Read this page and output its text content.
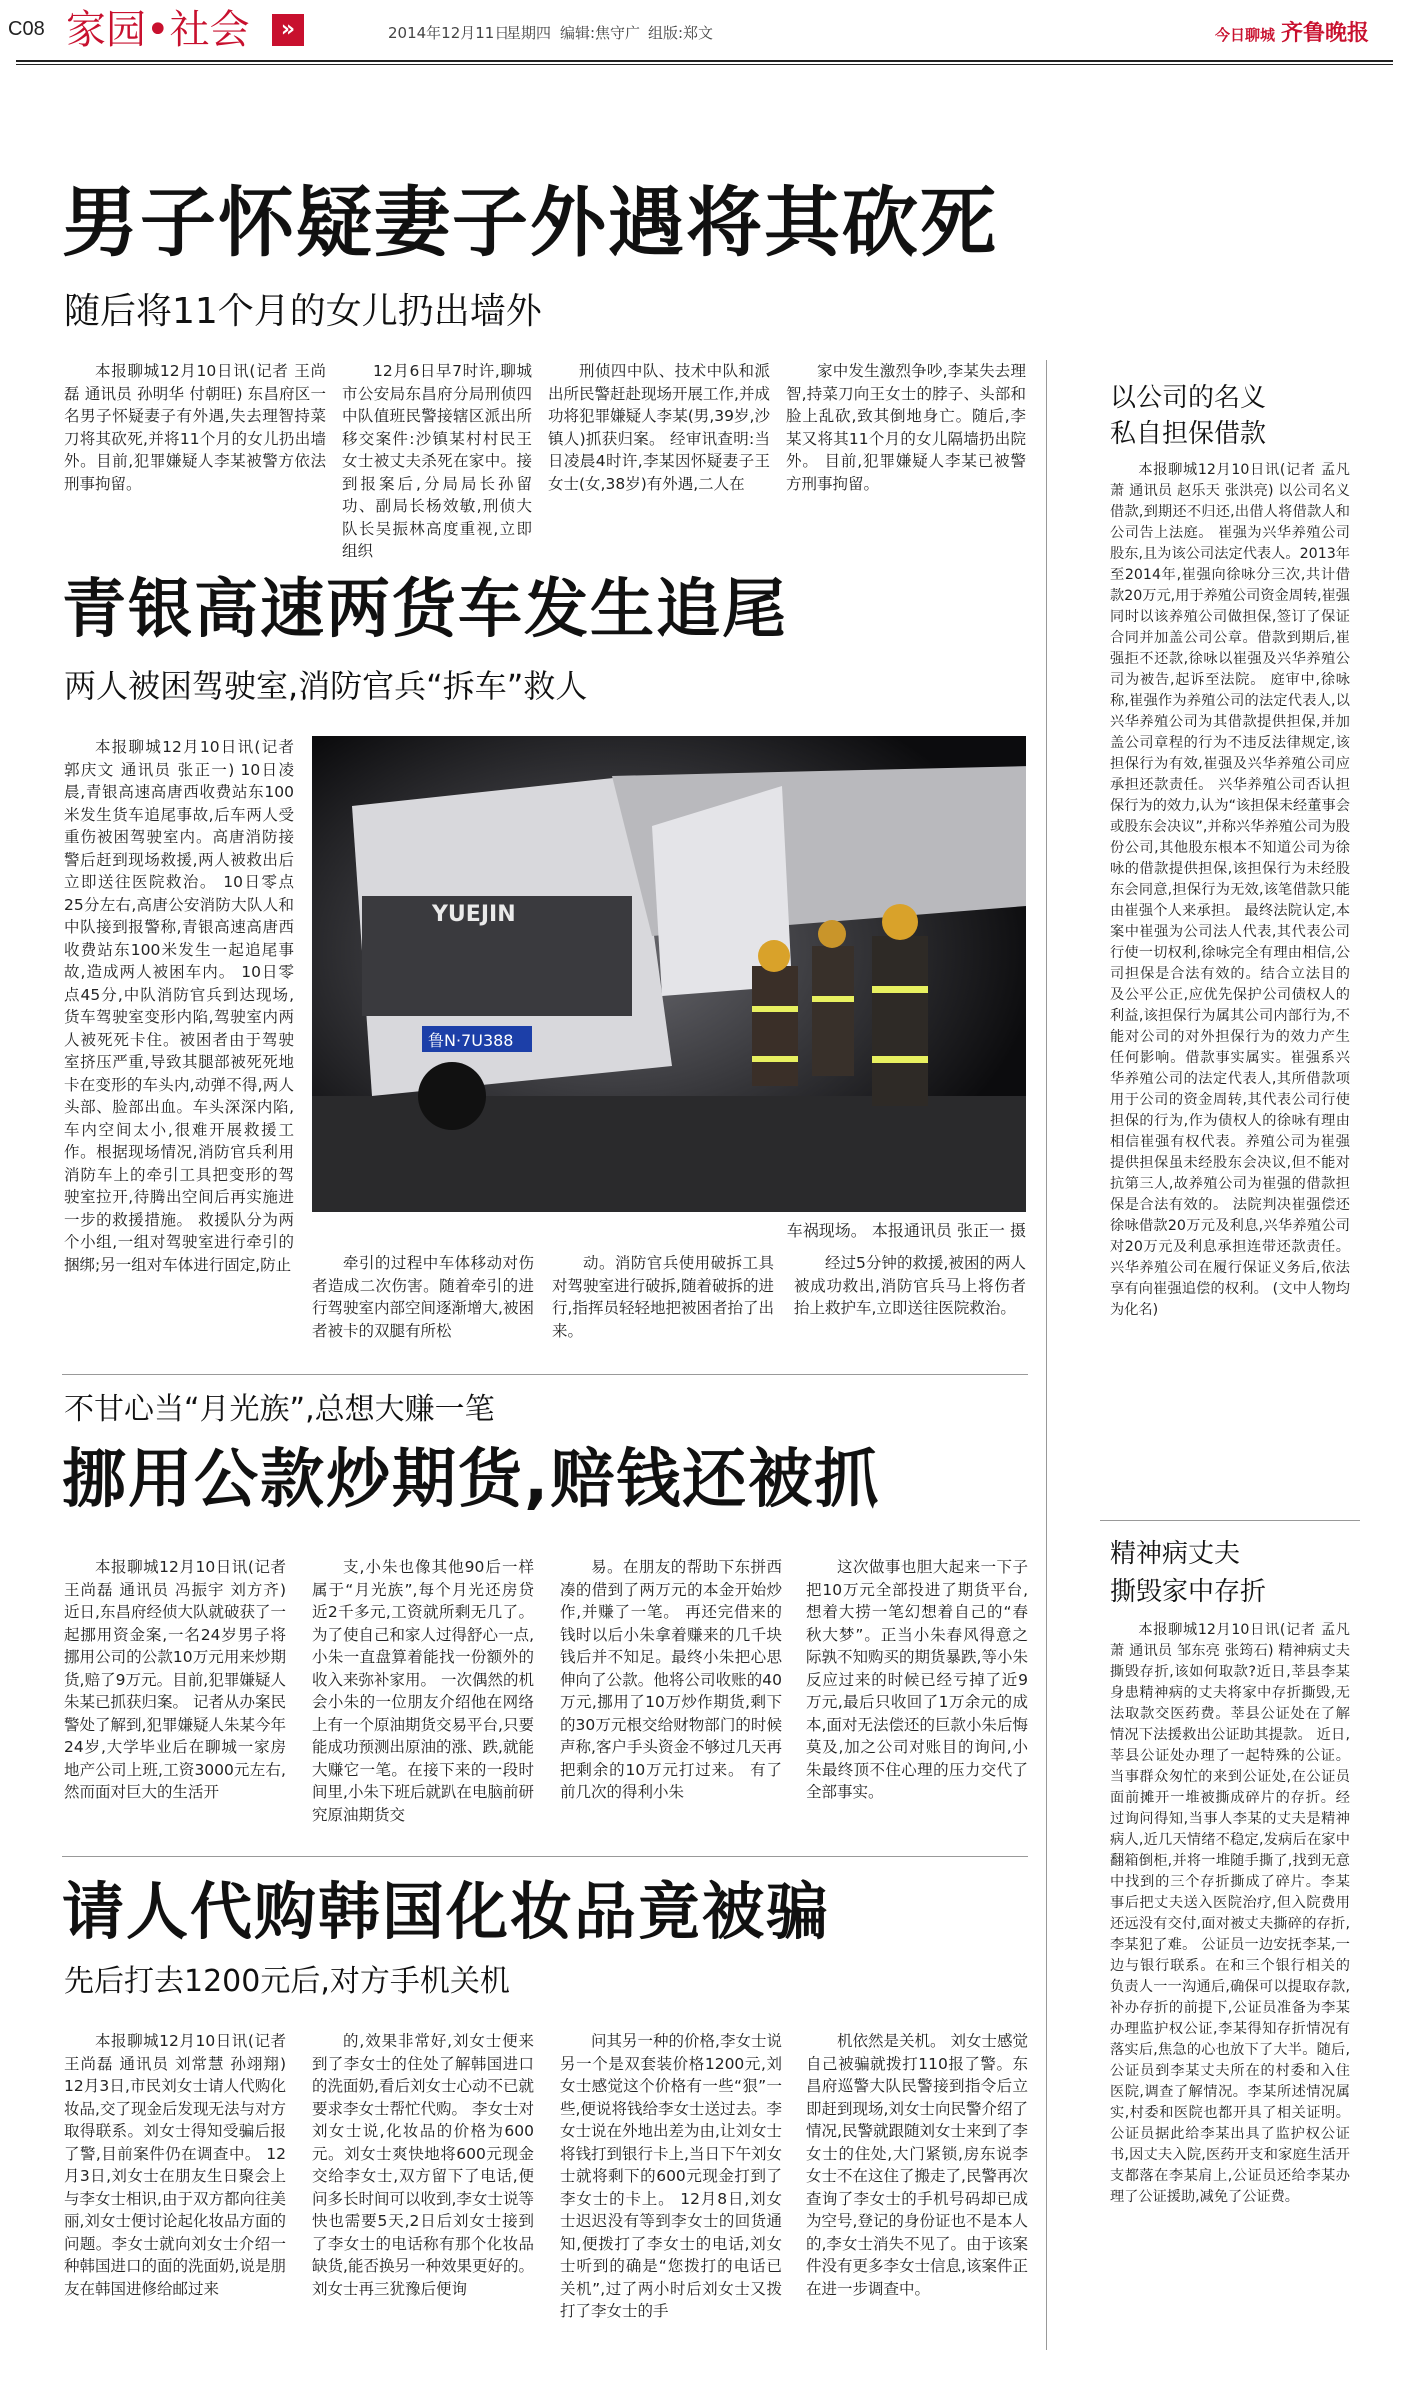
C08 家园•社会	»	2014年12月11日
星期四 编辑:焦守广 组版:郑文	今日聊城 齐鲁晚报
男子怀疑妻子外遇将其砍死
随后将11个月的女儿扔出墙外

本报聊城12月10日讯(记者 王尚磊 通讯员 孙明华 付朝旺) 东昌府区一名男子怀疑妻子有外遇,失去理智持菜刀将其砍死,并将11个月的女儿扔出墙外。目前,犯罪嫌疑人李某被警方依法刑事拘留。

12月6日早7时许,聊城市公安局东昌府分局刑侦四中队值班民警接辖区派出所移交案件:沙镇某村村民王女士被丈夫杀死在家中。接到报案后,分局局长孙留功、副局长杨效敏,刑侦大队长吴振林高度重视,立即组织

刑侦四中队、技术中队和派出所民警赶赴现场开展工作,并成功将犯罪嫌疑人李某(男,39岁,沙镇人)抓获归案。 经审讯查明:当日凌晨4时许,李某因怀疑妻子王女士(女,38岁)有外遇,二人在

家中发生激烈争吵,李某失去理智,持菜刀向王女士的脖子、头部和脸上乱砍,致其倒地身亡。随后,李某又将其11个月的女儿隔墙扔出院外。 目前,犯罪嫌疑人李某已被警方刑事拘留。

青银高速两货车发生追尾
两人被困驾驶室,消防官兵“拆车”救人

本报聊城12月10日讯(记者 郭庆文 通讯员 张正一) 10日凌晨,青银高速高唐西收费站东100米发生货车追尾事故,后车两人受重伤被困驾驶室内。高唐消防接警后赶到现场救援,两人被救出后立即送往医院救治。 10日零点25分左右,高唐公安消防大队人和中队接到报警称,青银高速高唐西收费站东100米发生一起追尾事故,造成两人被困车内。 10日零点45分,中队消防官兵到达现场,货车驾驶室变形内陷,驾驶室内两人被死死卡住。被困者由于驾驶室挤压严重,导致其腿部被死死地卡在变形的车头内,动弹不得,两人头部、脸部出血。车头深深内陷,车内空间太小,很难开展救援工作。根据现场情况,消防官兵利用消防车上的牵引工具把变形的驾驶室拉开,待腾出空间后再实施进一步的救援措施。 救援队分为两个小组,一组对驾驶室进行牵引的捆绑;另一组对车体进行固定,防止

YUEJIN
鲁N·7U388
车祸现场。 本报通讯员 张正一 摄

牵引的过程中车体移动对伤者造成二次伤害。随着牵引的进行驾驶室内部空间逐渐增大,被困者被卡的双腿有所松

动。消防官兵使用破拆工具对驾驶室进行破拆,随着破拆的进行,指挥员轻轻地把被困者抬了出来。

经过5分钟的救援,被困的两人被成功救出,消防官兵马上将伤者抬上救护车,立即送往医院救治。

不甘心当“月光族”,总想大赚一笔
挪用公款炒期货,赔钱还被抓

本报聊城12月10日讯(记者 王尚磊 通讯员 冯振宇 刘方齐) 近日,东昌府经侦大队就破获了一起挪用资金案,一名24岁男子将挪用公司的公款10万元用来炒期货,赔了9万元。目前,犯罪嫌疑人朱某已抓获归案。 记者从办案民警处了解到,犯罪嫌疑人朱某今年24岁,大学毕业后在聊城一家房地产公司上班,工资3000元左右,然而面对巨大的生活开

支,小朱也像其他90后一样属于“月光族”,每个月光还房贷近2千多元,工资就所剩无几了。为了使自己和家人过得舒心一点,小朱一直盘算着能找一份额外的收入来弥补家用。 一次偶然的机会小朱的一位朋友介绍他在网络上有一个原油期货交易平台,只要能成功预测出原油的涨、跌,就能大赚它一笔。在接下来的一段时间里,小朱下班后就趴在电脑前研究原油期货交

易。在朋友的帮助下东拼西凑的借到了两万元的本金开始炒作,并赚了一笔。 再还完借来的钱时以后小朱拿着赚来的几千块钱后并不知足。最终小朱把心思伸向了公款。他将公司收账的40万元,挪用了10万炒作期货,剩下的30万元根交给财物部门的时候声称,客户手头资金不够过几天再把剩余的10万元打过来。 有了前几次的得利小朱

这次做事也胆大起来一下子把10万元全部投进了期货平台,想着大捞一笔幻想着自己的“春秋大梦”。正当小朱春风得意之际孰不知购买的期货暴跌,等小朱反应过来的时候已经亏掉了近9万元,最后只收回了1万余元的成本,面对无法偿还的巨款小朱后悔莫及,加之公司对账目的询问,小朱最终顶不住心理的压力交代了全部事实。

请人代购韩国化妆品竟被骗
先后打去1200元后,对方手机关机

本报聊城12月10日讯(记者 王尚磊 通讯员 刘常慧 孙翊翔) 12月3日,市民刘女士请人代购化妆品,交了现金后发现无法与对方取得联系。刘女士得知受骗后报了警,目前案件仍在调查中。 12月3日,刘女士在朋友生日聚会上与李女士相识,由于双方都向往美丽,刘女士便讨论起化妆品方面的问题。李女士就向刘女士介绍一种韩国进口的面的洗面奶,说是朋友在韩国进修给邮过来

的,效果非常好,刘女士便来到了李女士的住处了解韩国进口的洗面奶,看后刘女士心动不已就要求李女士帮忙代购。 李女士对刘女士说,化妆品的价格为600元。刘女士爽快地将600元现金交给李女士,双方留下了电话,便问多长时间可以收到,李女士说等快也需要5天,2日后刘女士接到了李女士的电话称有那个化妆品缺货,能否换另一种效果更好的。 刘女士再三犹豫后便询

问其另一种的价格,李女士说另一个是双套装价格1200元,刘女士感觉这个价格有一些“狠”一些,便说将钱给李女士送过去。李女士说在外地出差为由,让刘女士将钱打到银行卡上,当日下午刘女士就将剩下的600元现金打到了李女士的卡上。 12月8日,刘女士迟迟没有等到李女士的回货通知,便拨打了李女士的电话,刘女士听到的确是“您拨打的电话已关机”,过了两小时后刘女士又拨打了李女士的手

机依然是关机。 刘女士感觉自己被骗就拨打110报了警。东昌府巡警大队民警接到指令后立即赶到现场,刘女士向民警介绍了情况,民警就跟随刘女士来到了李女士的住处,大门紧锁,房东说李女士不在这住了搬走了,民警再次查询了李女士的手机号码却已成为空号,登记的身份证也不是本人的,李女士消失不见了。由于该案件没有更多李女士信息,该案件正在进一步调查中。

以公司的名义
私自担保借款

本报聊城12月10日讯(记者 孟凡萧 通讯员 赵乐天 张洪亮) 以公司名义借款,到期还不归还,出借人将借款人和公司告上法庭。 崔强为兴华养殖公司股东,且为该公司法定代表人。2013年至2014年,崔强向徐咏分三次,共计借款20万元,用于养殖公司资金周转,崔强同时以该养殖公司做担保,签订了保证合同并加盖公司公章。借款到期后,崔强拒不还款,徐咏以崔强及兴华养殖公司为被告,起诉至法院。 庭审中,徐咏称,崔强作为养殖公司的法定代表人,以兴华养殖公司为其借款提供担保,并加盖公司章程的行为不违反法律规定,该担保行为有效,崔强及兴华养殖公司应承担还款责任。 兴华养殖公司否认担保行为的效力,认为“该担保未经董事会或股东会决议”,并称兴华养殖公司为股份公司,其他股东根本不知道公司为徐咏的借款提供担保,该担保行为未经股东会同意,担保行为无效,该笔借款只能由崔强个人来承担。 最终法院认定,本案中崔强为公司法人代表,其代表公司行使一切权利,徐咏完全有理由相信,公司担保是合法有效的。结合立法目的及公平公正,应优先保护公司债权人的利益,该担保行为属其公司内部行为,不能对公司的对外担保行为的效力产生任何影响。借款事实属实。崔强系兴华养殖公司的法定代表人,其所借款项用于公司的资金周转,其代表公司行使担保的行为,作为债权人的徐咏有理由相信崔强有权代表。养殖公司为崔强提供担保虽未经股东会决议,但不能对抗第三人,故养殖公司为崔强的借款担保是合法有效的。 法院判决崔强偿还徐咏借款20万元及利息,兴华养殖公司对20万元及利息承担连带还款责任。兴华养殖公司在履行保证义务后,依法享有向崔强追偿的权利。 (文中人物均为化名)

精神病丈夫
撕毁家中存折

本报聊城12月10日讯(记者 孟凡萧 通讯员 邹东亮 张筠石) 精神病丈夫撕毁存折,该如何取款?近日,莘县李某身患精神病的丈夫将家中存折撕毁,无法取款交医药费。莘县公证处在了解情况下法援救出公证助其提款。 近日,莘县公证处办理了一起特殊的公证。当事群众匆忙的来到公证处,在公证员面前摊开一堆被撕成碎片的存折。经过询问得知,当事人李某的丈夫是精神病人,近几天情绪不稳定,发病后在家中翻箱倒柜,并将一堆随手撕了,找到无意中找到的三个存折撕成了碎片。李某事后把丈夫送入医院治疗,但入院费用还远没有交付,面对被丈夫撕碎的存折,李某犯了难。 公证员一边安抚李某,一边与银行联系。在和三个银行相关的负责人一一沟通后,确保可以提取存款,补办存折的前提下,公证员准备为李某办理监护权公证,李某得知存折情况有落实后,焦急的心也放下了大半。随后,公证员到李某丈夫所在的村委和入住医院,调查了解情况。李某所述情况属实,村委和医院也都开具了相关证明。公证员据此给李某出具了监护权公证书,因丈夫入院,医药开支和家庭生活开支都落在李某肩上,公证员还给李某办理了公证援助,减免了公证费。
